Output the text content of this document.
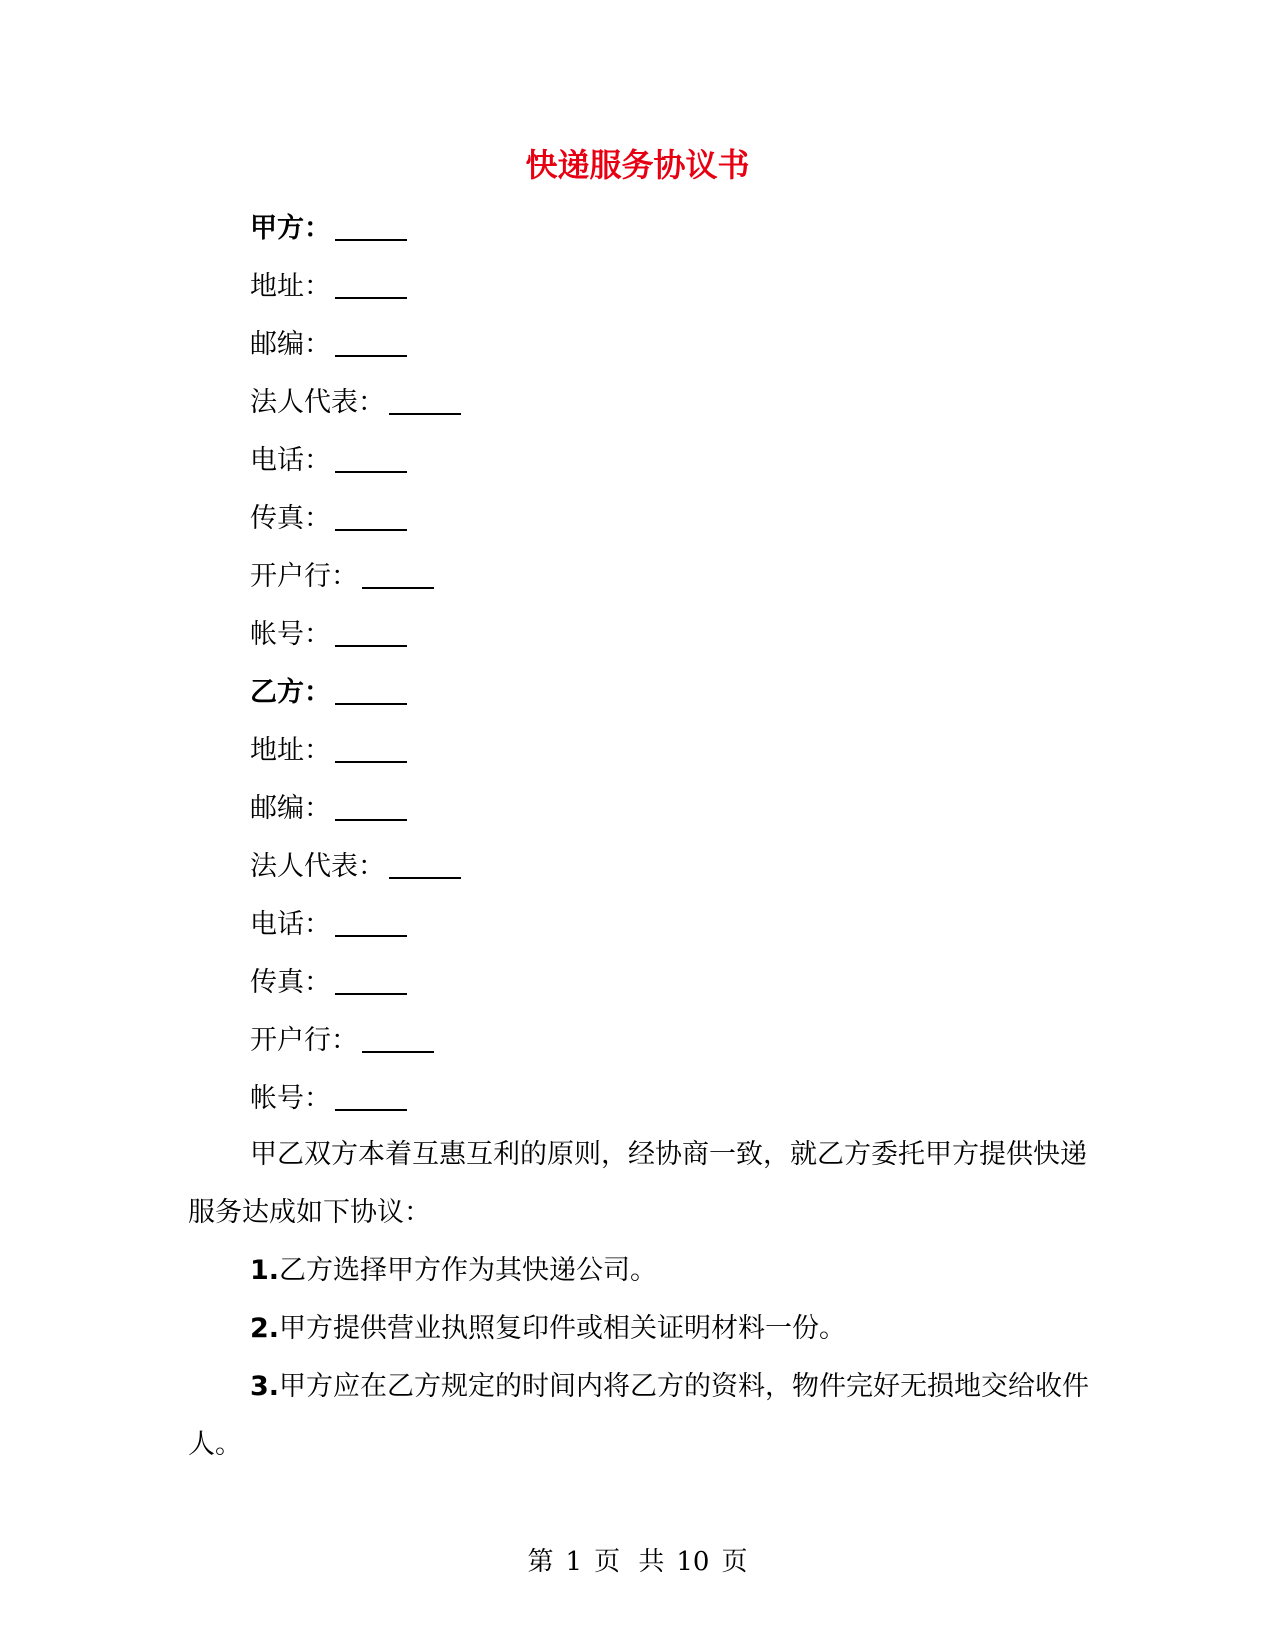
快递服务协议书
甲方：
地址：
邮编：
法人代表：
电话：
传真：
开户行：
帐号：
乙方：
地址：
邮编：
法人代表：
电话：
传真：
开户行：
帐号：

甲乙双方本着互惠互利的原则，经协商一致，就乙方委托甲方提供快递服务达成如下协议：

1.乙方选择甲方作为其快递公司。

2.甲方提供营业执照复印件或相关证明材料一份。

3.甲方应在乙方规定的时间内将乙方的资料，物件完好无损地交给收件人。

第 1 页 共 10 页
